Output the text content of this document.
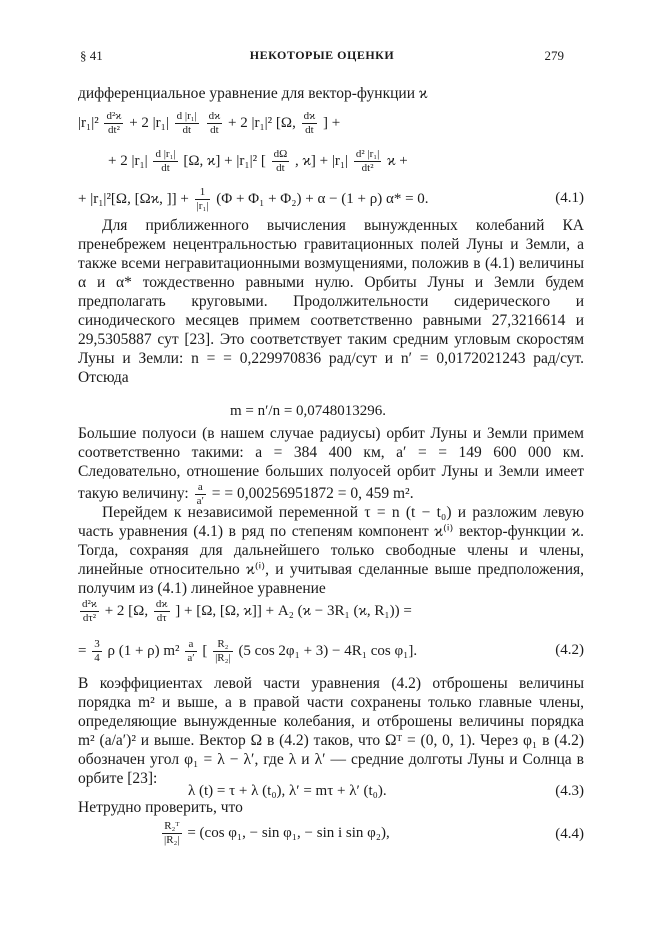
§ 41	НЕКОТОРЫЕ ОЦЕНКИ	279
дифференциальное уравнение для вектор-функции ϰ
$|r_1|^2 \frac{\text{d²ϰ}}{\text{dt²}} + 2$ $|r_1| \frac{\text{d |r₁|}}{dt}$
$\frac{dϰ}{dt} + 2$ |r₁|² [Ω, $\frac{dϰ}{dt}$ ] +
+ 2 $|r_1| \frac{\text{d |r₁|}}{dt} [\Omega$, ϰ] + |r₁|² [ $\frac{d\Omega}{dt}$ , $ϰ] + |r_1| \frac{\text{d² |r₁|}}{\text{dt²}}$ ϰ +
+ |r₁|²[Ω, [Ωϰ, ]] + $\frac{1}{\text{|r₁|}} (\Phi + \Phi_1 + \Phi_2) + \alpha - (1 + \rho) \alpha* = 0$.	(4.1)
Для приближенного вычисления вынужденных колебаний КА пренебрежем нецентральностью гравитационных полей Луны и Земли, а также всеми негравитационными возмущениями, положив в (4.1) величины α и α* тождественно равными нулю. Орбиты Луны и Земли будем предполагать круговыми. Продолжительности сидерического и синодического месяцев примем соответственно равными 27,3216614 и 29,5305887 сут [23]. Это соответствует таким средним угловым скоростям Луны и Земли: n = = 0,229970836 рад/сут и n′ = 0,0172021243 рад/сут. Отсюда
m = n′/n = 0,0748013296.
Большие полуоси (в нашем случае радиусы) орбит Луны и Земли примем соответственно такими: a = 384 400 км, a′ = = 149 600 000 км. Следовательно, отношение больших полуосей орбит Луны и Земли имеет такую величину: $\frac{a}{a'}$ = = 0,00256951872 = 0, 459 m².
Перейдем к независимой переменной τ = n (t − t₀) и разложим левую часть уравнения (4.1) в ряд по степеням компонент ϰ⁽ⁱ⁾ вектор-функции ϰ. Тогда, сохраняя для дальнейшего только свободные члены и члены, линейные относительно ϰ⁽ⁱ⁾, и учитывая сделанные выше предположения, получим из (4.1) линейное уравнение
$\frac{\text{d²ϰ}}{\text{dτ²}} + 2$ [Ω, $\frac{dϰ}{d\tau}$ ] + [Ω, [Ω, ϰ]] + A₂ (ϰ − 3R₁ (ϰ, R₁)) =
= $\frac{3}{4}$ ρ (1 + ρ) $m^2 \frac{a}{a'}$ [ $\frac{\text{R₂}}{\text{|R₂|}} (5$ cos 2φ₁ + 3) − 4R₁ cos φ₁].	(4.2)
В коэффициентах левой части уравнения (4.2) отброшены величины порядка m² и выше, а в правой части сохранены только главные члены, определяющие вынужденные колебания, и отброшены величины порядка m² (a/a′)² и выше. Вектор Ω в (4.2) таков, что Ωᵀ = (0, 0, 1). Через φ₁ в (4.2) обозначен угол φ₁ = λ − λ′, где λ и λ′ — средние долготы Луны и Солнца в орбите [23]:
λ (t) = τ + λ (t₀), λ′ = mτ + λ′ (t₀).	(4.3)
Нетрудно проверить, что
$\frac{\text{R₂ᵀ}}{\text{|R₂|}} = (\cos$ φ₁, − sin φ₁, − sin i sin φ₂),	(4.4)
